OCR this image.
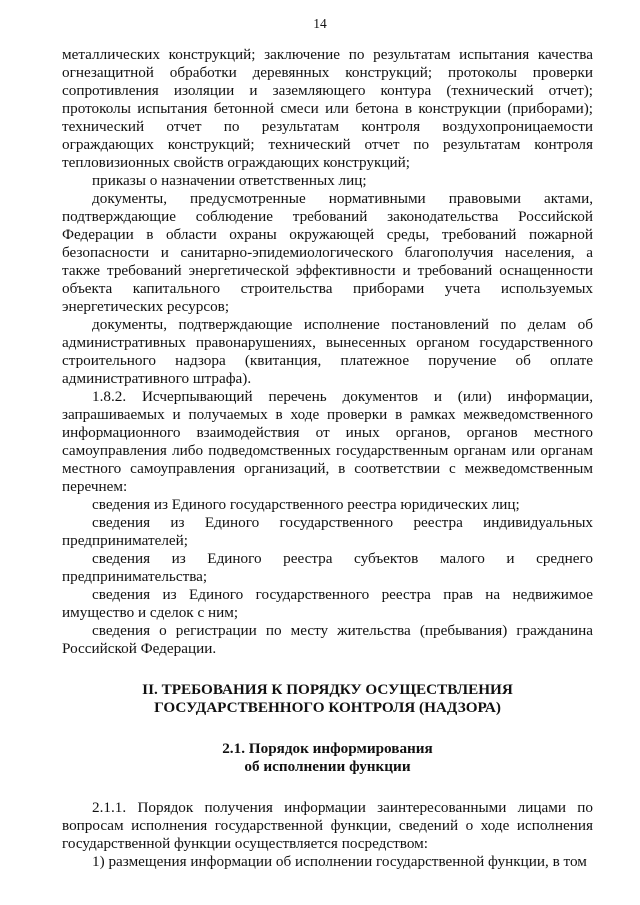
14

металлических конструкций; заключение по результатам испытания качества огнезащитной обработки деревянных конструкций; протоколы проверки сопротивления изоляции и заземляющего контура (технический отчет); протоколы испытания бетонной смеси или бетона в конструкции (приборами); технический отчет по результатам контроля воздухопроницаемости ограждающих конструкций; технический отчет по результатам контроля тепловизионных свойств ограждающих конструкций;

приказы о назначении ответственных лиц;

документы, предусмотренные нормативными правовыми актами, подтверждающие соблюдение требований законодательства Российской Федерации в области охраны окружающей среды, требований пожарной безопасности и санитарно-эпидемиологического благополучия населения, а также требований энергетической эффективности и требований оснащенности объекта капитального строительства приборами учета используемых энергетических ресурсов;

документы, подтверждающие исполнение постановлений по делам об административных правонарушениях, вынесенных органом государственного строительного надзора (квитанция, платежное поручение об оплате административного штрафа).

1.8.2. Исчерпывающий перечень документов и (или) информации, запрашиваемых и получаемых в ходе проверки в рамках межведомственного информационного взаимодействия от иных органов, органов местного самоуправления либо подведомственных государственным органам или органам местного самоуправления организаций, в соответствии с межведомственным перечнем:

сведения из Единого государственного реестра юридических лиц;

сведения из Единого государственного реестра индивидуальных предпринимателей;

сведения из Единого реестра субъектов малого и среднего предпринимательства;

сведения из Единого государственного реестра прав на недвижимое имущество и сделок с ним;

сведения о регистрации по месту жительства (пребывания) гражданина Российской Федерации.

II. ТРЕБОВАНИЯ К ПОРЯДКУ ОСУЩЕСТВЛЕНИЯ
ГОСУДАРСТВЕННОГО КОНТРОЛЯ (НАДЗОРА)
2.1. Порядок информирования
об исполнении функции

2.1.1. Порядок получения информации заинтересованными лицами по вопросам исполнения государственной функции, сведений о ходе исполнения государственной функции осуществляется посредством:

1) размещения информации об исполнении государственной функции, в том
